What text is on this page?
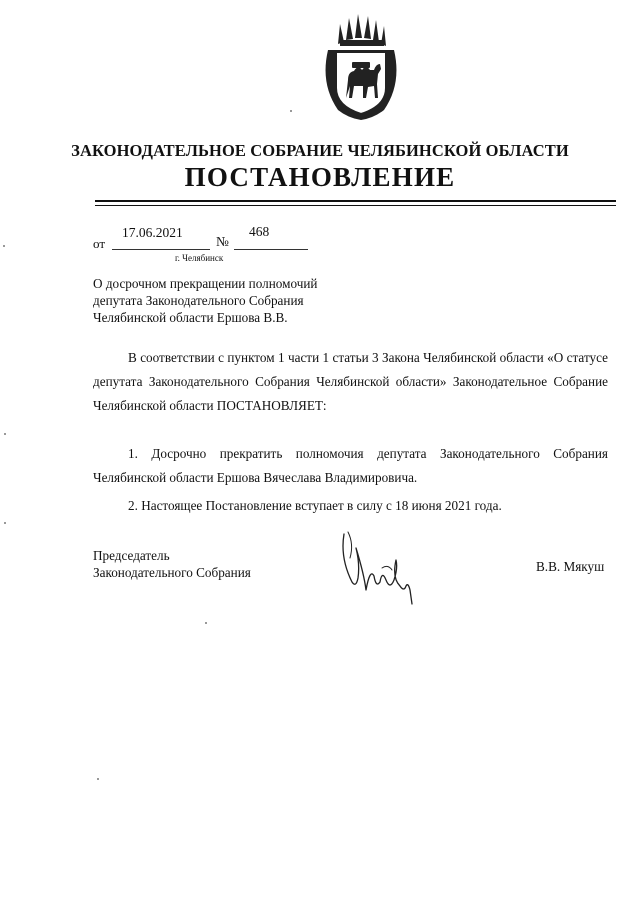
ЗАКОНОДАТЕЛЬНОЕ СОБРАНИЕ ЧЕЛЯБИНСКОЙ ОБЛАСТИ
ПОСТАНОВЛЕНИЕ
от
17.06.2021
№
468
г. Челябинск
О досрочном прекращении полномочий
депутата Законодательного Собрания
Челябинской области Ершова В.В.
В соответствии с пунктом 1 части 1 статьи 3 Закона Челябинской области «О статусе депутата Законодательного Собрания Челябинской области» Законодательное Собрание Челябинской области ПОСТАНОВЛЯЕТ:
1. Досрочно прекратить полномочия депутата Законодательного Собрания Челябинской области Ершова Вячеслава Владимировича.
2. Настоящее Постановление вступает в силу с 18 июня 2021 года.
Председатель
Законодательного Собрания	В.В. Мякуш
